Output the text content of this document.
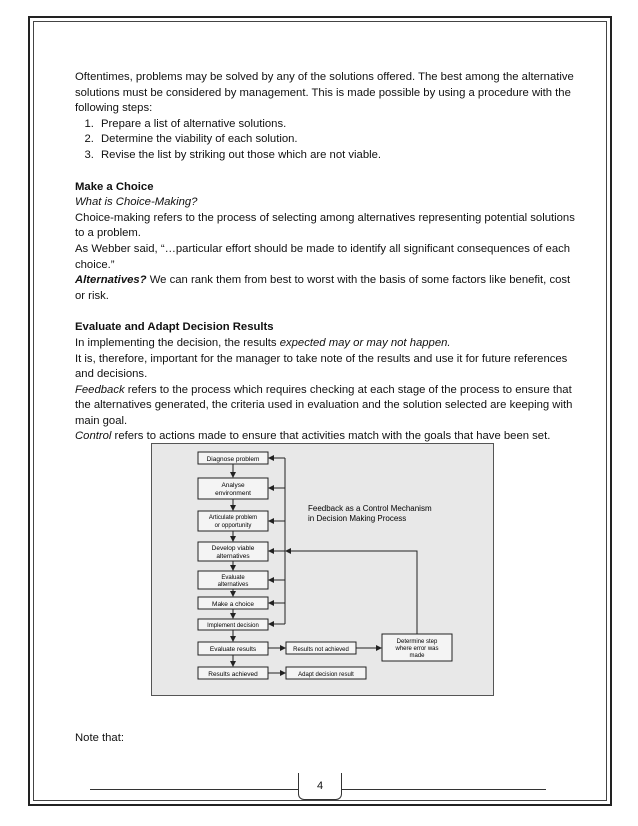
Oftentimes, problems may be solved by any of the solutions offered. The best among the alternative solutions must be considered by management. This is made possible by using a procedure with the following steps:

1. Prepare a list of alternative solutions.
2. Determine the viability of each solution.
3. Revise the list by striking out those which are not viable.

Make a Choice

What is Choice-Making?

Choice-making refers to the process of selecting among alternatives representing potential solutions to a problem.

As Webber said, “…particular effort should be made to identify all significant consequences of each choice.”

Alternatives? We can rank them from best to worst with the basis of some factors like benefit, cost or risk.

Evaluate and Adapt Decision Results

In implementing the decision, the results expected may or may not happen.

It is, therefore, important for the manager to take note of the results and use it for future references and decisions.

Feedback refers to the process which requires checking at each stage of the process to ensure that the alternatives generated, the criteria used in evaluation and the solution selected are keeping with main goal.

Control refers to actions made to ensure that activities match with the goals that have been set.

Diagnose problem
Analyse
environment
Articulate problem
or opportunity
Develop viable
alternatives
Evaluate
alternatives
Make a choice
Implement decision
Evaluate results
Results achieved
Results not achieved
Adapt decision result
Determine step
where error was
made
Feedback as a Control Mechanism
in Decision Making Process

Note that:

4
